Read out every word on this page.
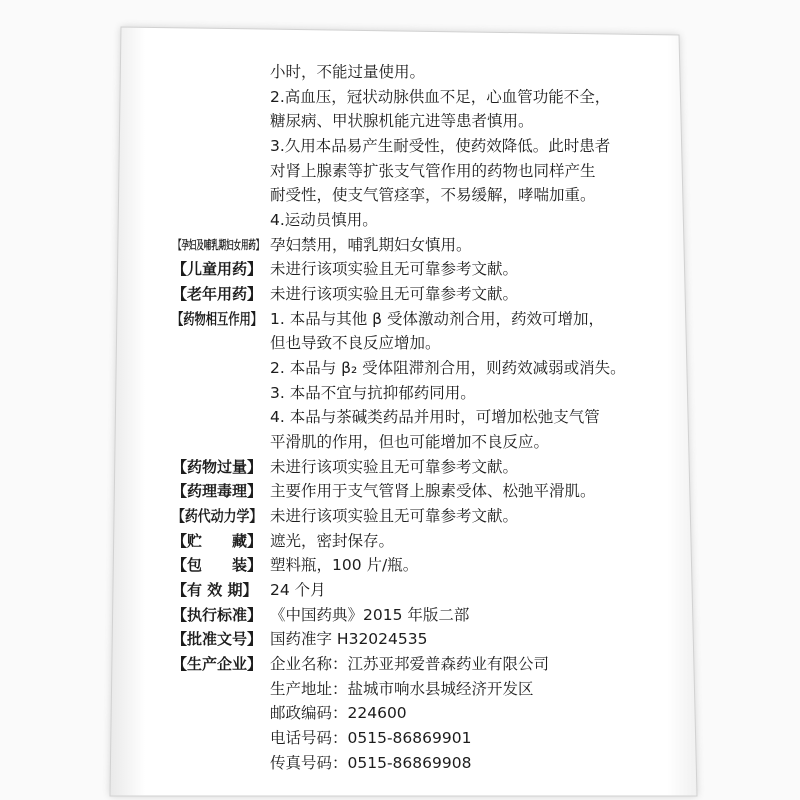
小时，不能过量使用。
2.高血压，冠状动脉供血不足，心血管功能不全，
糖尿病、甲状腺机能亢进等患者慎用。
3.久用本品易产生耐受性，使药效降低。此时患者
对肾上腺素等扩张支气管作用的药物也同样产生
耐受性，使支气管痉挛，不易缓解，哮喘加重。
4.运动员慎用。
【孕妇及哺乳期妇女用药】 孕妇禁用，哺乳期妇女慎用。
【儿童用药】 未进行该项实验且无可靠参考文献。
【老年用药】 未进行该项实验且无可靠参考文献。
【药物相互作用】 1. 本品与其他 β 受体激动剂合用，药效可增加，
但也导致不良反应增加。
2. 本品与 β₂ 受体阻滞剂合用，则药效减弱或消失。
3. 本品不宜与抗抑郁药同用。
4. 本品与茶碱类药品并用时，可增加松弛支气管
平滑肌的作用，但也可能增加不良反应。
【药物过量】 未进行该项实验且无可靠参考文献。
【药理毒理】 主要作用于支气管肾上腺素受体、松弛平滑肌。
【药代动力学】 未进行该项实验且无可靠参考文献。
【贮　　藏】 遮光，密封保存。
【包　　装】 塑料瓶，100 片/瓶。
【有 效 期】 24 个月
【执行标准】 《中国药典》2015 年版二部
【批准文号】 国药准字 H32024535
【生产企业】 企业名称：江苏亚邦爱普森药业有限公司
生产地址：盐城市响水县城经济开发区
邮政编码：224600
电话号码：0515-86869901
传真号码：0515-86869908
